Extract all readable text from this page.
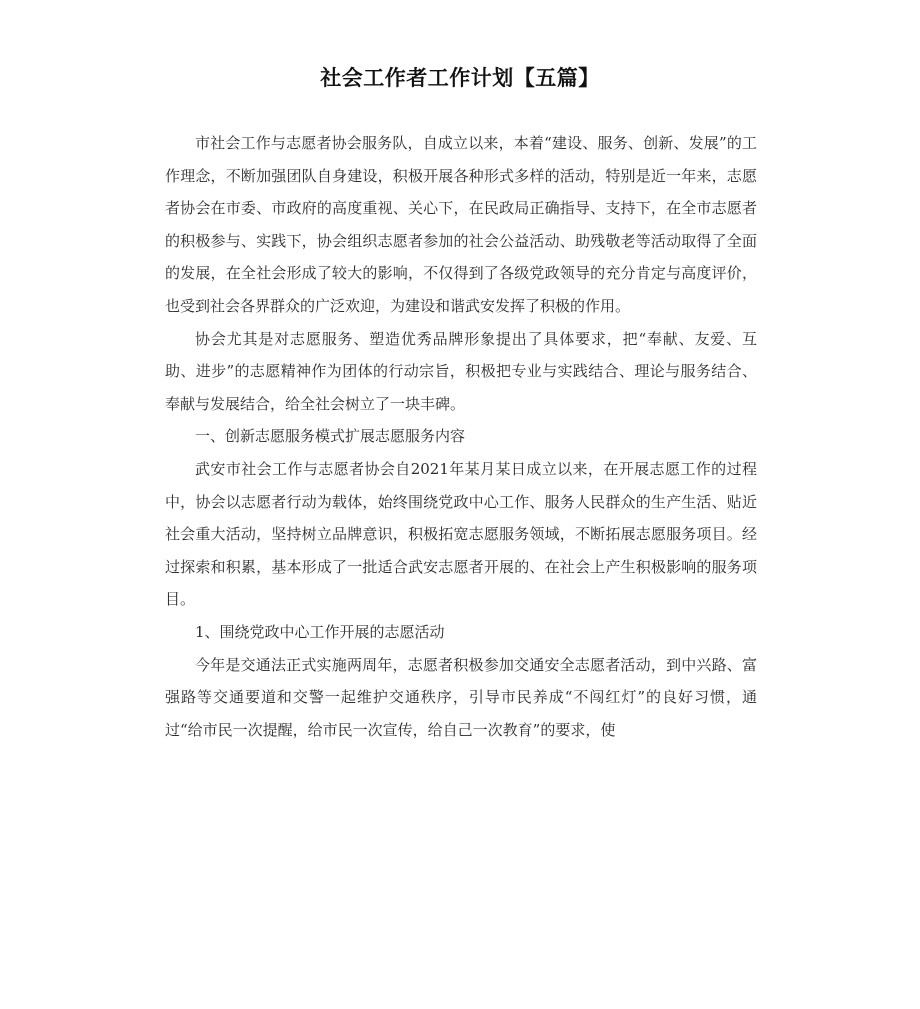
社会工作者工作计划【五篇】

市社会工作与志愿者协会服务队，自成立以来，本着“建设、服务、创新、发展”的工作理念，不断加强团队自身建设，积极开展各种形式多样的活动，特别是近一年来，志愿者协会在市委、市政府的高度重视、关心下，在民政局正确指导、支持下，在全市志愿者的积极参与、实践下，协会组织志愿者参加的社会公益活动、助残敬老等活动取得了全面的发展，在全社会形成了较大的影响，不仅得到了各级党政领导的充分肯定与高度评价，也受到社会各界群众的广泛欢迎，为建设和谐武安发挥了积极的作用。

协会尤其是对志愿服务、塑造优秀品牌形象提出了具体要求，把“奉献、友爱、互助、进步”的志愿精神作为团体的行动宗旨，积极把专业与实践结合、理论与服务结合、奉献与发展结合，给全社会树立了一块丰碑。

一、创新志愿服务模式扩展志愿服务内容

武安市社会工作与志愿者协会自2021年某月某日成立以来，在开展志愿工作的过程中，协会以志愿者行动为载体，始终围绕党政中心工作、服务人民群众的生产生活、贴近社会重大活动，坚持树立品牌意识，积极拓宽志愿服务领域，不断拓展志愿服务项目。经过探索和积累，基本形成了一批适合武安志愿者开展的、在社会上产生积极影响的服务项目。

1、围绕党政中心工作开展的志愿活动

今年是交通法正式实施两周年，志愿者积极参加交通安全志愿者活动，到中兴路、富强路等交通要道和交警一起维护交通秩序，引导市民养成“不闯红灯”的良好习惯，通过“给市民一次提醒，给市民一次宣传，给自己一次教育”的要求，使
